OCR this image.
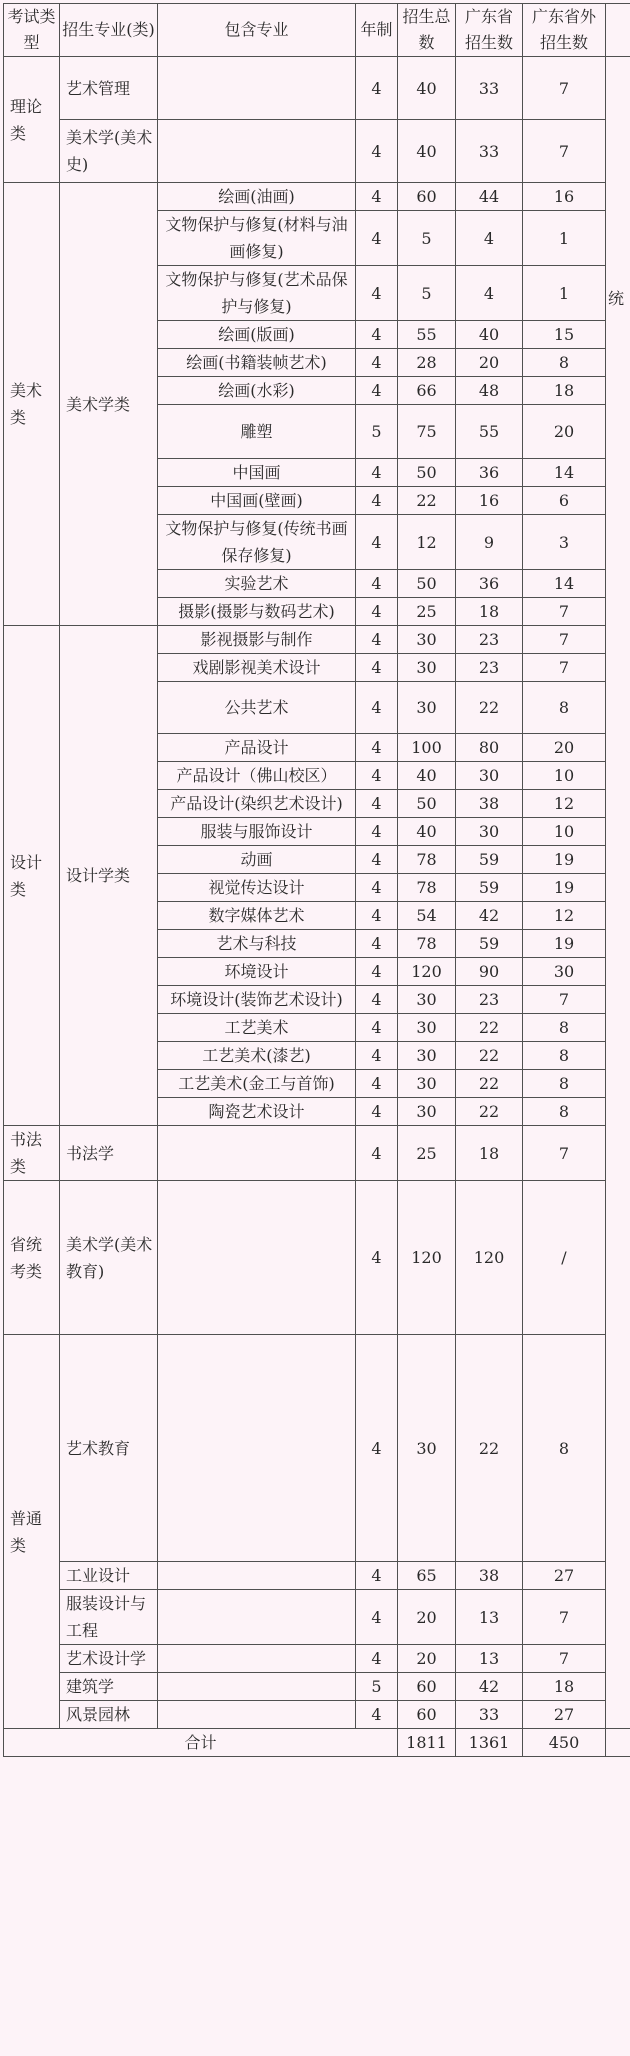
考试类型	招生专业(类)	包含专业	年制	招生总数	广东省招生数	广东省外招生数	
理论类	艺术管理		4	40	33	7	统
	美术学(美术史)		4	40	33	7	
美术类	美术学类	绘画(油画)	4	60	44	16	
		文物保护与修复(材料与油画修复)	4	5	4	1	
		文物保护与修复(艺术品保护与修复)	4	5	4	1	
		绘画(版画)	4	55	40	15	
		绘画(书籍装帧艺术)	4	28	20	8	
		绘画(水彩)	4	66	48	18	
		雕塑	5	75	55	20	
		中国画	4	50	36	14	
		中国画(壁画)	4	22	16	6	
		文物保护与修复(传统书画保存修复)	4	12	9	3	
		实验艺术	4	50	36	14	
		摄影(摄影与数码艺术)	4	25	18	7	
设计类	设计学类	影视摄影与制作	4	30	23	7	
		戏剧影视美术设计	4	30	23	7	
		公共艺术	4	30	22	8	
		产品设计	4	100	80	20	
		产品设计（佛山校区）	4	40	30	10	
		产品设计(染织艺术设计)	4	50	38	12	
		服装与服饰设计	4	40	30	10	
		动画	4	78	59	19	
		视觉传达设计	4	78	59	19	
		数字媒体艺术	4	54	42	12	
		艺术与科技	4	78	59	19	
		环境设计	4	120	90	30	
		环境设计(装饰艺术设计)	4	30	23	7	
		工艺美术	4	30	22	8	
		工艺美术(漆艺)	4	30	22	8	
		工艺美术(金工与首饰)	4	30	22	8	
		陶瓷艺术设计	4	30	22	8	
书法类	书法学		4	25	18	7	
省统考类	美术学(美术教育)		4	120	120	/	
普通类	艺术教育		4	30	22	8	
	工业设计		4	65	38	27	
	服装设计与工程		4	20	13	7	
	艺术设计学		4	20	13	7	
	建筑学		5	60	42	18	
	风景园林		4	60	33	27	
合计				1811	1361	450	
